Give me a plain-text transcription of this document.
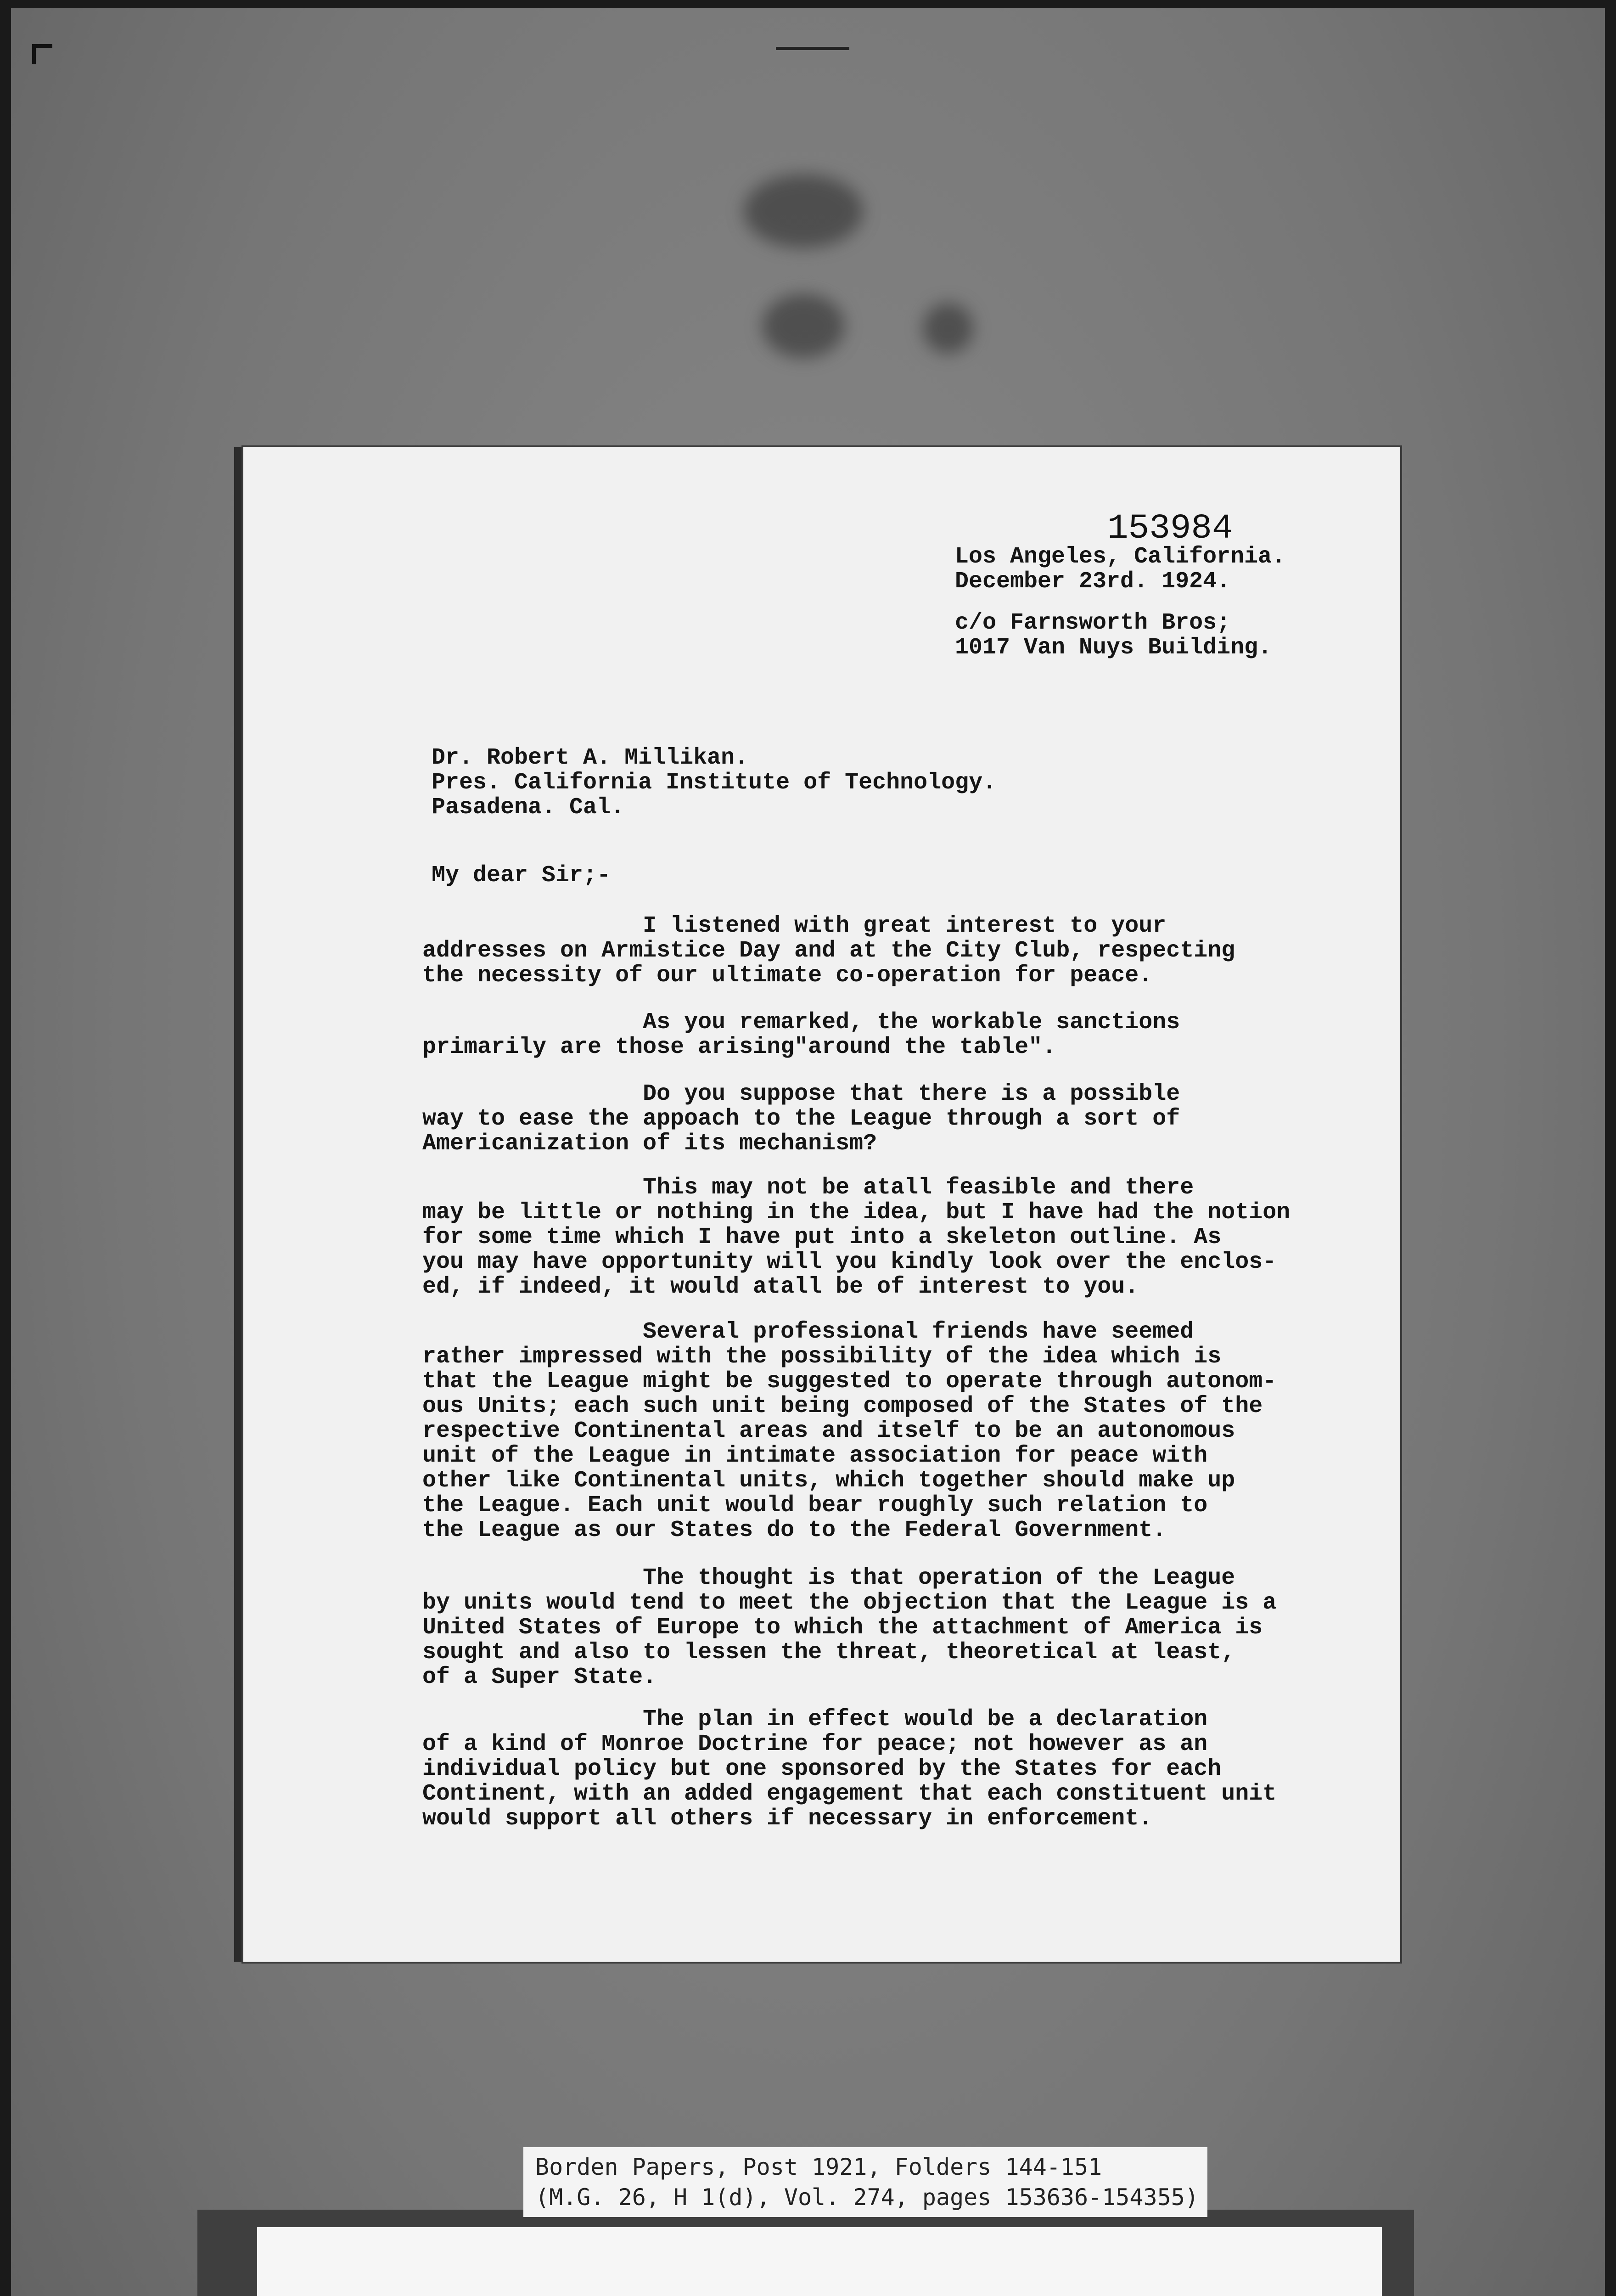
153984

Los Angeles, California.

December 23rd. 1924.

c/o Farnsworth Bros;

1017 Van Nuys Building.

Dr. Robert A. Millikan.

Pres. California Institute of Technology.

Pasadena. Cal.

My dear Sir;-

I listened with great interest to your
addresses on Armistice Day and at the City Club, respecting
the necessity of our ultimate co-operation for peace.

As you remarked, the workable sanctions
primarily are those arising"around the table".

Do you suppose that there is a possible
way to ease the appoach to the League through a sort of
Americanization of its mechanism?

This may not be atall feasible and there
may be little or nothing in the idea, but I have had the notion
for some time which I have put into a skeleton outline. As
you may have opportunity will you kindly look over the enclos-
ed, if indeed, it would atall be of interest to you.

Several professional friends have seemed
rather impressed with the possibility of the idea which is
that the League might be suggested to operate through autonom-
ous Units; each such unit being composed of the States of the
respective Continental areas and itself to be an autonomous
unit of the League in intimate association for peace with
other like Continental units, which together should make up
the League. Each unit would bear roughly such relation to
the League as our States do to the Federal Government.

The thought is that operation of the League
by units would tend to meet the objection that the League is a
United States of Europe to which the attachment of America is
sought and also to lessen the threat, theoretical at least,
of a Super State.

The plan in effect would be a declaration
of a kind of Monroe Doctrine for peace; not however as an
individual policy but one sponsored by the States for each
Continent, with an added engagement that each constituent unit
would support all others if necessary in enforcement.

Borden Papers, Post 1921, Folders 144-151

(M.G. 26, H 1(d), Vol. 274, pages 153636-154355)
